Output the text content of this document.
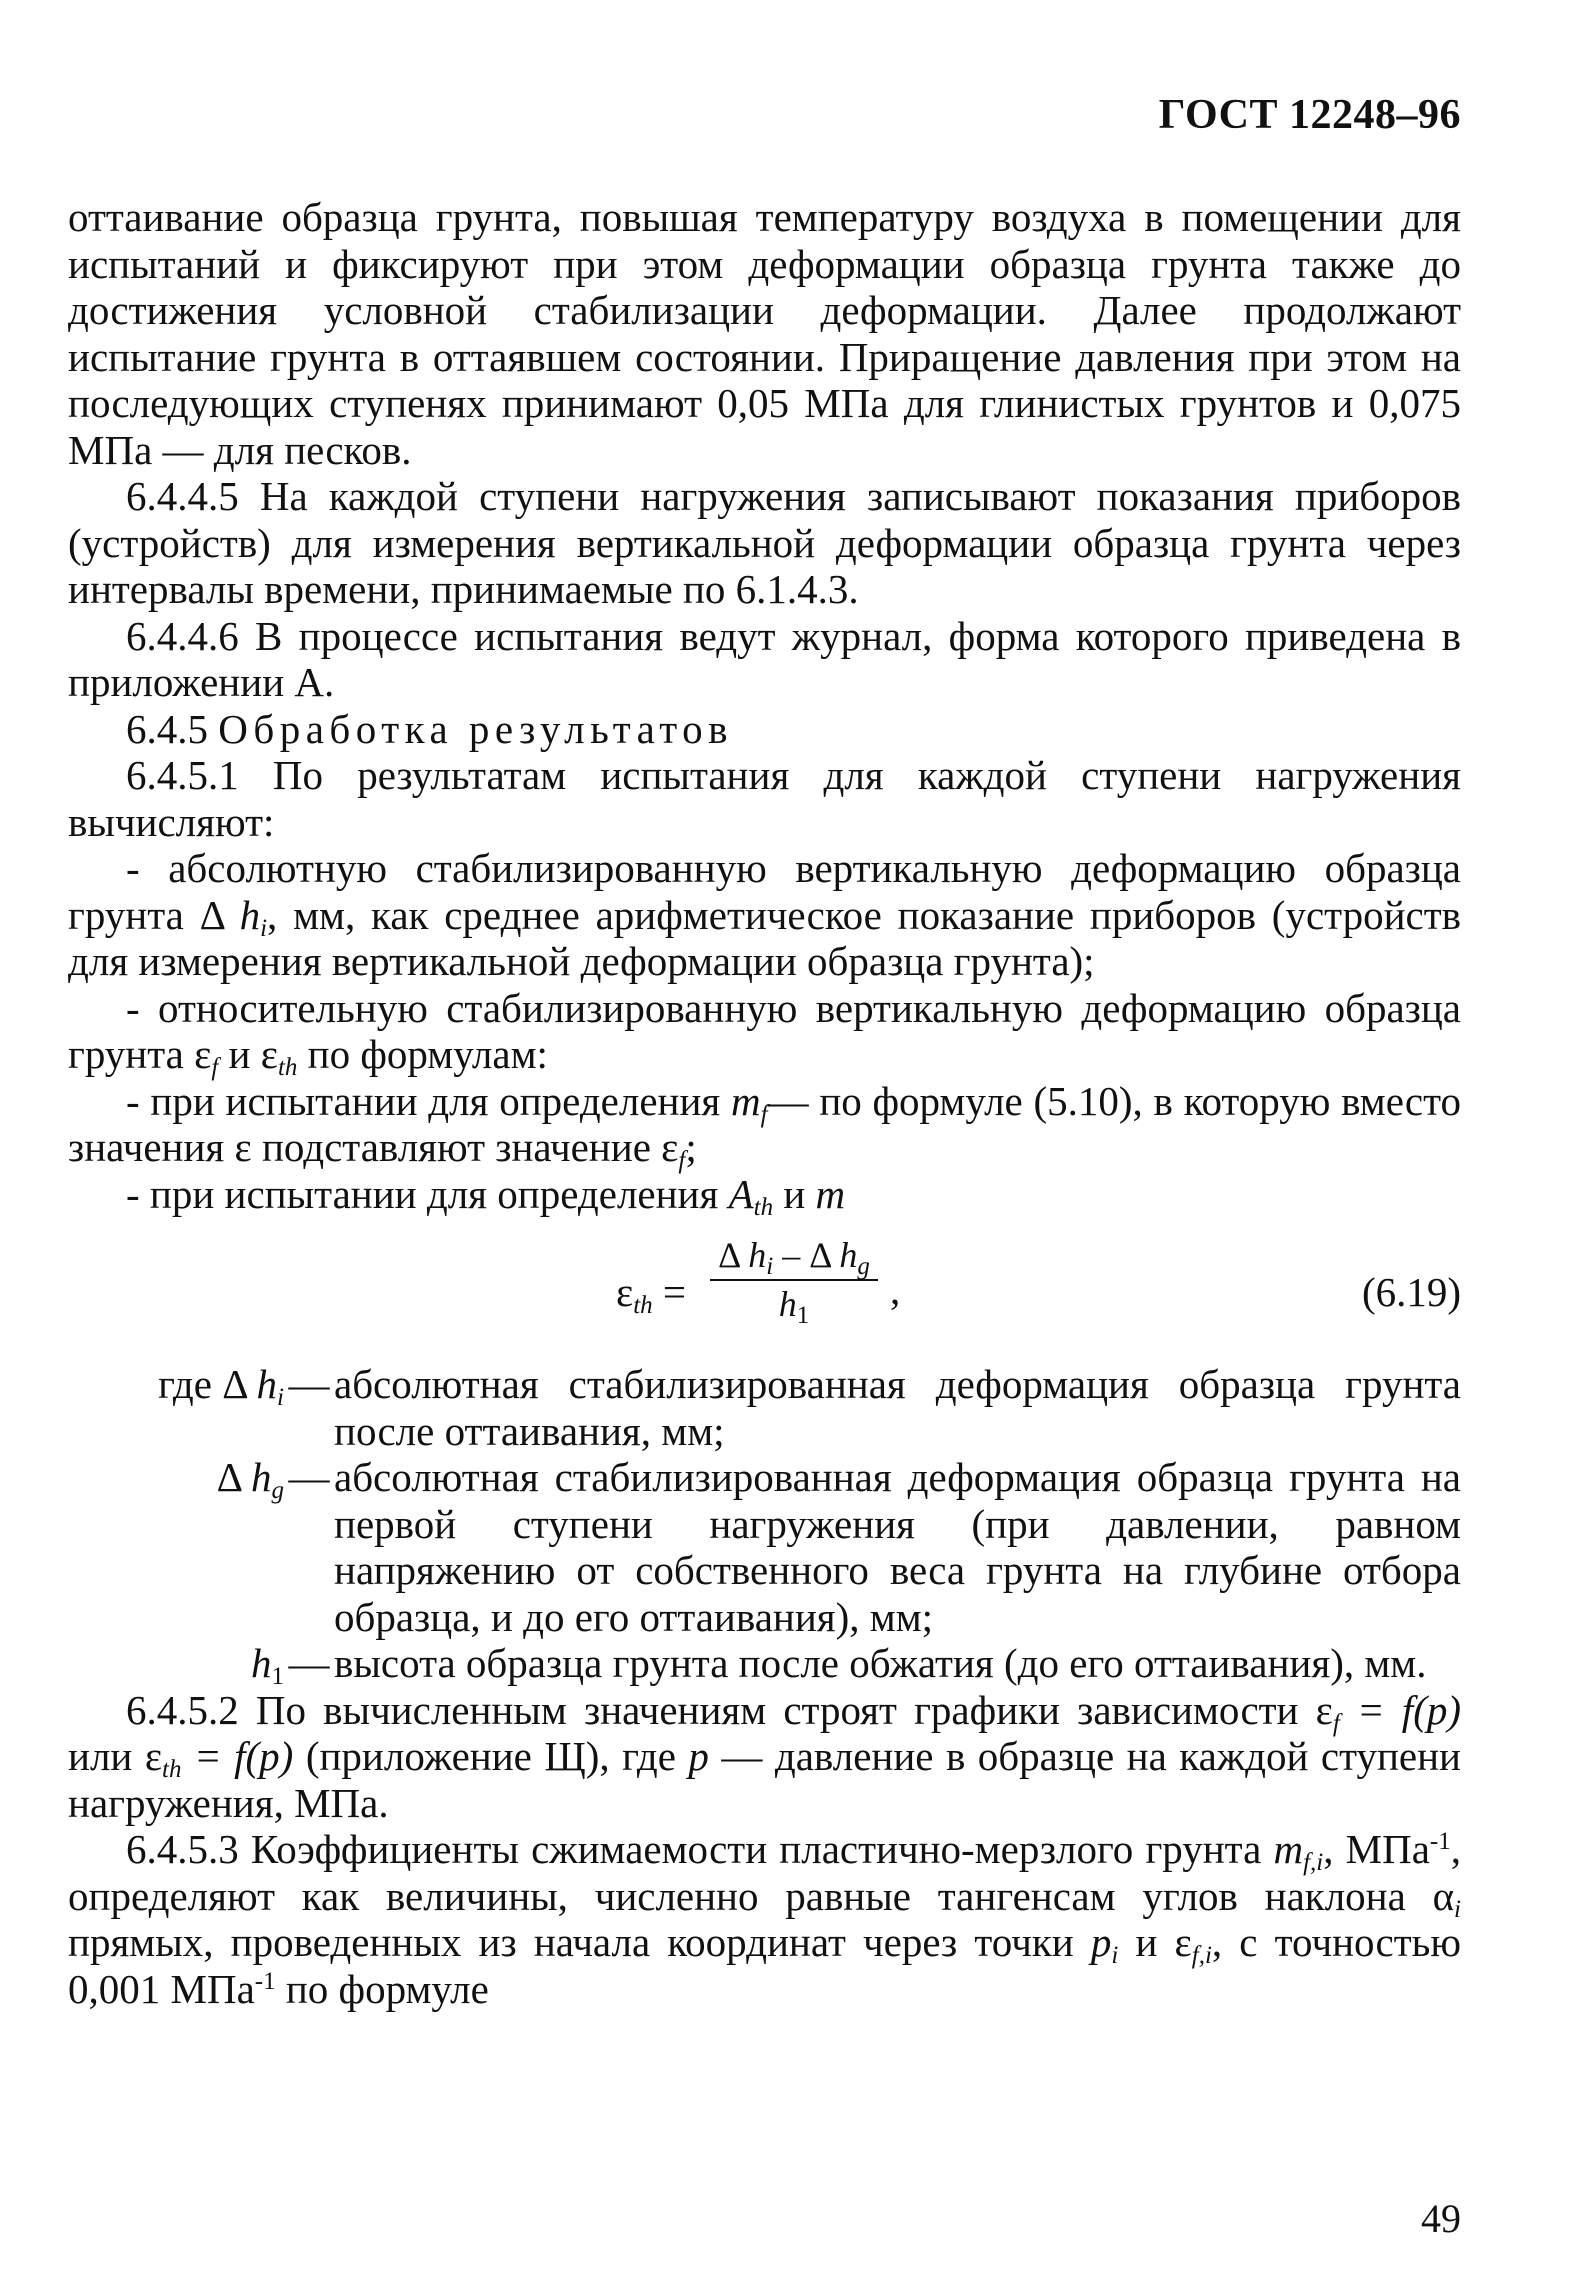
ГОСТ 12248–96

оттаивание образца грунта, повышая температуру воздуха в помещении для испытаний и фиксируют при этом деформации образца грунта также до достижения условной стабилизации деформации. Далее продолжают испытание грунта в оттаявшем состоянии. Приращение давления при этом на последующих ступенях принимают 0,05 МПа для глинистых грунтов и 0,075 МПа — для песков.

6.4.4.5 На каждой ступени нагружения записывают показания приборов (устройств) для измерения вертикальной деформации образца грунта через интервалы времени, принимаемые по 6.1.4.3.

6.4.4.6 В процессе испытания ведут журнал, форма которого приведена в приложении А.

6.4.5 Обработка результатов

6.4.5.1 По результатам испытания для каждой ступени нагружения вычисляют:

- абсолютную стабилизированную вертикальную деформацию образца грунта Δ $h_i$, мм, как среднее арифметическое показание приборов (устройств для измерения вертикальной деформации образца грунта);

- относительную стабилизированную вертикальную деформацию образца грунта $\varepsilon_f$ и $\varepsilon_{th}$ по формулам:

- при испытании для определения $m_f—$ по формуле (5.10), в которую вместо значения ε подставляют значение $\varepsilon_f$;

- при испытании для определения $A_{th}$ и m

$\varepsilon_{th}$ =
Δ $h_i$ – Δ $h_g$
$h_1$
,	(6.19)
где Δ $h_i$ — абсолютная стабилизированная деформация образца грунта после оттаивания, мм;
Δ $h_g$ — абсолютная стабилизированная деформация образца грунта на первой ступени нагружения (при давлении, равном напряжению от собственного веса грунта на глубине отбора образца, и до его оттаивания), мм;
$h_1$ — высота образца грунта после обжатия (до его оттаивания), мм.

6.4.5.2 По вычисленным значениям строят графики зависимости $\varepsilon_f = f(p)$ или $\varepsilon_{th} = f(p)$ (приложение Щ), где p — давление в образце на каждой ступени нагружения, МПа.

6.4.5.3 Коэффициенты сжимаемости пластично-мерзлого грунта $m_{f,i}$, МПа$^{-1}$, определяют как величины, численно равные тангенсам углов наклона $\alpha_i$ прямых, проведенных из начала координат через точки $p_i$ и $\varepsilon_{f,i}$, с точностью 0,001 МПа$^{-1}$ по формуле

49
